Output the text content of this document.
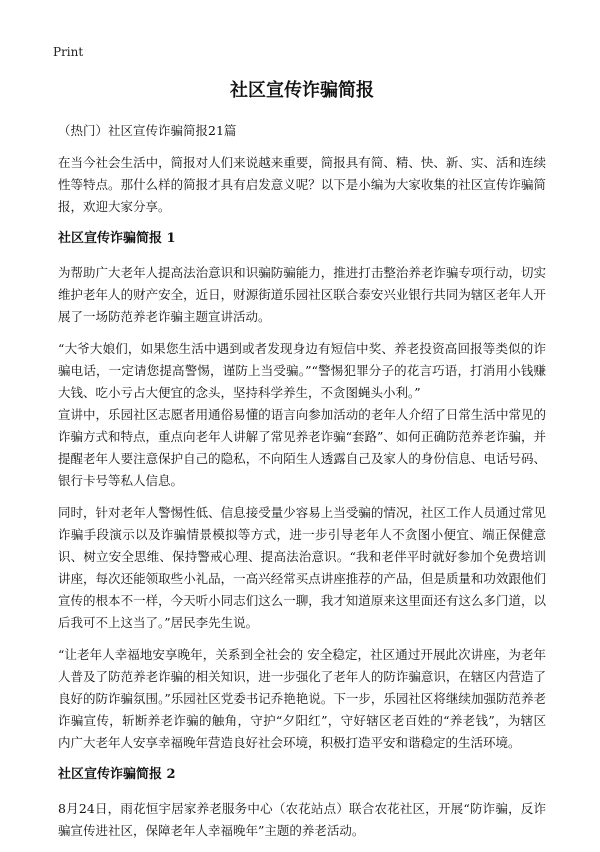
Print
社区宣传诈骗简报
（热门）社区宣传诈骗简报21篇

在当今社会生活中，简报对人们来说越来重要，简报具有简、精、快、新、实、活和连续性等特点。那什么样的简报才具有启发意义呢？以下是小编为大家收集的社区宣传诈骗简报，欢迎大家分享。

社区宣传诈骗简报 1

为帮助广大老年人提高法治意识和识骗防骗能力，推进打击整治养老诈骗专项行动，切实维护老年人的财产安全，近日，财源街道乐园社区联合泰安兴业银行共同为辖区老年人开展了一场防范养老诈骗主题宣讲活动。

“大爷大娘们，如果您生活中遇到或者发现身边有短信中奖、养老投资高回报等类似的诈骗电话，一定请您提高警惕，谨防上当受骗。”“警惕犯罪分子的花言巧语，打消用小钱赚大钱、吃小亏占大便宜的念头，坚持科学养生，不贪图蝇头小利。”

宣讲中，乐园社区志愿者用通俗易懂的语言向参加活动的老年人介绍了日常生活中常见的诈骗方式和特点，重点向老年人讲解了常见养老诈骗“套路”、如何正确防范养老诈骗，并提醒老年人要注意保护自己的隐私，不向陌生人透露自己及家人的身份信息、电话号码、银行卡号等私人信息。

同时，针对老年人警惕性低、信息接受量少容易上当受骗的情况，社区工作人员通过常见诈骗手段演示以及诈骗情景模拟等方式，进一步引导老年人不贪图小便宜、端正保健意识、树立安全思维、保持警戒心理、提高法治意识。“我和老伴平时就好参加个免费培训讲座，每次还能领取些小礼品，一高兴经常买点讲座推荐的产品，但是质量和功效跟他们宣传的根本不一样，今天听小同志们这么一聊，我才知道原来这里面还有这么多门道，以后我可不上这当了。”居民李先生说。

“让老年人幸福地安享晚年，关系到全社会的 安全稳定，社区通过开展此次讲座，为老年人普及了防范养老诈骗的相关知识，进一步强化了老年人的防诈骗意识，在辖区内营造了良好的防诈骗氛围。”乐园社区党委书记乔艳艳说。下一步，乐园社区将继续加强防范养老诈骗宣传，斩断养老诈骗的触角，守护“夕阳红”，守好辖区老百姓的“养老钱”，为辖区内广大老年人安享幸福晚年营造良好社会环境，积极打造平安和谐稳定的生活环境。

社区宣传诈骗简报 2

8月24日，雨花恒宇居家养老服务中心（农花站点）联合农花社区，开展“防诈骗，反诈骗宣传进社区，保障老年人幸福晚年”主题的养老活动。
